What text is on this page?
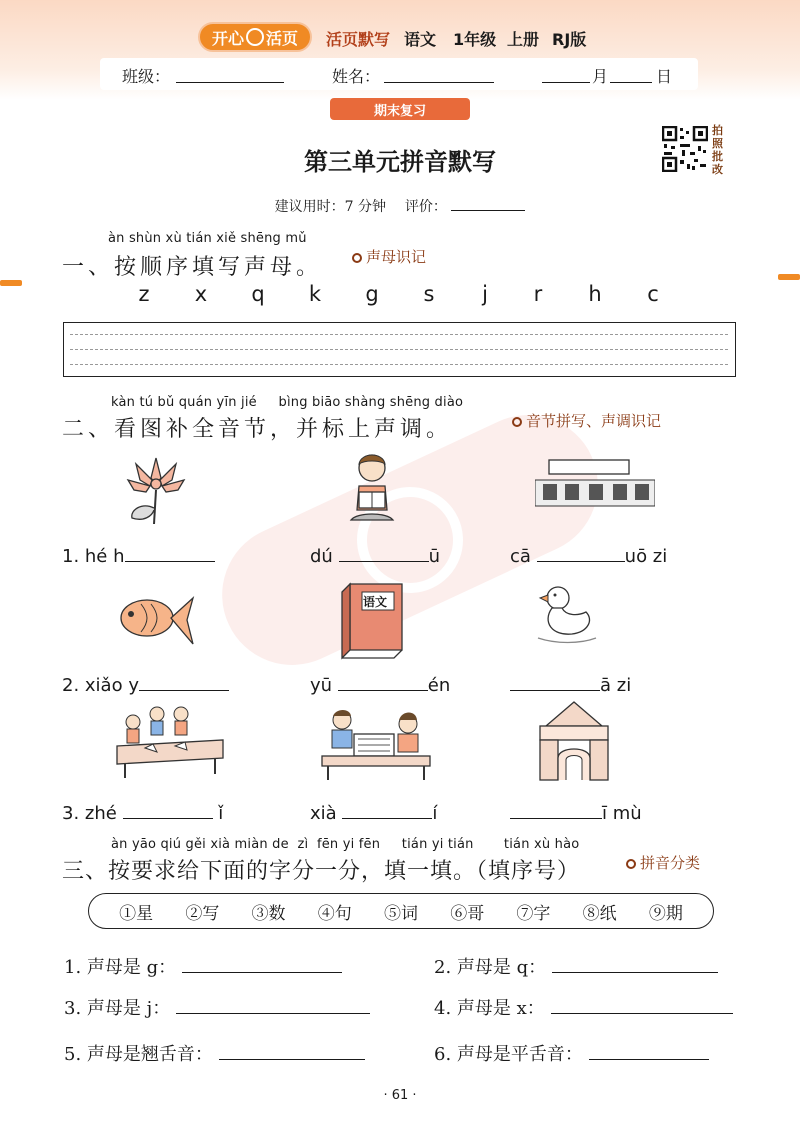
开心 活页 活页默写 语文 1年级 上册 RJ版
班级：	姓名：	月	日
期末复习
拍照批改
第三单元拼音默写
建议用时：7 分钟 评价：
àn shùn xù tián xiě shēng mǔ
一、按顺序填写声母。	声母识记
z	x	q	k	g	s	j	r	h	c
kàn tú bǔ quán yīn jié     bìng biāo shàng shēng diào
二、看图补全音节，并标上声调。	音节拼写、声调识记
1. hé h	dú	ū	cā	uō zi
语文
2. xiǎo y	yū	én	ā zi
3. zhé	ǐ	xià	í	ī mù
àn yāo qiú gěi xià miàn de  zì  fēn yi fēn     tián yi tián       tián xù hào
三、按要求给下面的字分一分，填一填。（填序号）	拼音分类
①星 ②写 ③数 ④句 ⑤词 ⑥哥 ⑦字 ⑧纸 ⑨期
1. 声母是 g：	2. 声母是 q：
3. 声母是 j：	4. 声母是 x：
5. 声母是翘舌音：	6. 声母是平舌音：
· 61 ·
